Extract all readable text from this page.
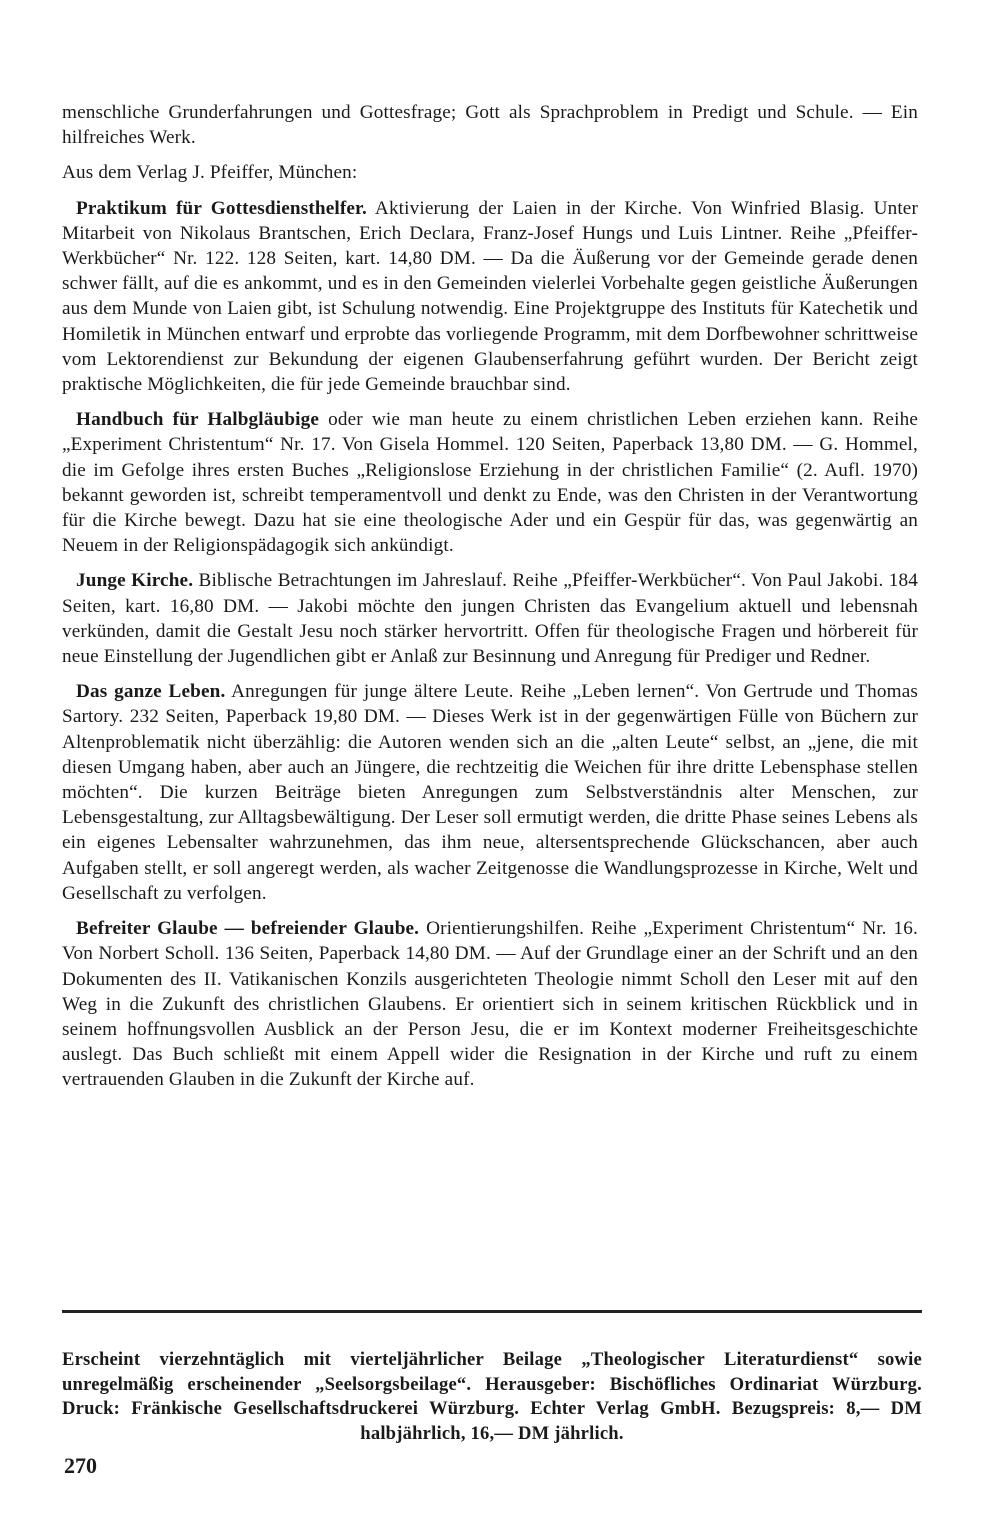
menschliche Grunderfahrungen und Gottesfrage; Gott als Sprachproblem in Predigt und Schule. — Ein hilfreiches Werk.

Aus dem Verlag J. Pfeiffer, München:

Praktikum für Gottesdiensthelfer. Aktivierung der Laien in der Kirche. Von Winfried Blasig. Unter Mitarbeit von Nikolaus Brantschen, Erich Declara, Franz-Josef Hungs und Luis Lintner. Reihe „Pfeiffer-Werkbücher“ Nr. 122. 128 Seiten, kart. 14,80 DM. — Da die Äußerung vor der Gemeinde gerade denen schwer fällt, auf die es ankommt, und es in den Gemeinden vielerlei Vorbehalte gegen geistliche Äußerungen aus dem Munde von Laien gibt, ist Schulung notwendig. Eine Projektgruppe des Instituts für Katechetik und Homiletik in München entwarf und erprobte das vorliegende Programm, mit dem Dorfbewohner schrittweise vom Lektorendienst zur Bekundung der eigenen Glaubenserfahrung geführt wurden. Der Bericht zeigt praktische Möglichkeiten, die für jede Gemeinde brauchbar sind.

Handbuch für Halbgläubige oder wie man heute zu einem christlichen Leben erziehen kann. Reihe „Experiment Christentum“ Nr. 17. Von Gisela Hommel. 120 Seiten, Paperback 13,80 DM. — G. Hommel, die im Gefolge ihres ersten Buches „Religionslose Erziehung in der christlichen Familie“ (2. Aufl. 1970) bekannt geworden ist, schreibt temperamentvoll und denkt zu Ende, was den Christen in der Verantwortung für die Kirche bewegt. Dazu hat sie eine theologische Ader und ein Gespür für das, was gegenwärtig an Neuem in der Religionspädagogik sich ankündigt.

Junge Kirche. Biblische Betrachtungen im Jahreslauf. Reihe „Pfeiffer-Werkbücher“. Von Paul Jakobi. 184 Seiten, kart. 16,80 DM. — Jakobi möchte den jungen Christen das Evangelium aktuell und lebensnah verkünden, damit die Gestalt Jesu noch stärker hervortritt. Offen für theologische Fragen und hörbereit für neue Einstellung der Jugendlichen gibt er Anlaß zur Besinnung und Anregung für Prediger und Redner.

Das ganze Leben. Anregungen für junge ältere Leute. Reihe „Leben lernen“. Von Gertrude und Thomas Sartory. 232 Seiten, Paperback 19,80 DM. — Dieses Werk ist in der gegenwärtigen Fülle von Büchern zur Altenproblematik nicht überzählig: die Autoren wenden sich an die „alten Leute“ selbst, an „jene, die mit diesen Umgang haben, aber auch an Jüngere, die rechtzeitig die Weichen für ihre dritte Lebensphase stellen möchten“. Die kurzen Beiträge bieten Anregungen zum Selbstverständnis alter Menschen, zur Lebensgestaltung, zur Alltagsbewältigung. Der Leser soll ermutigt werden, die dritte Phase seines Lebens als ein eigenes Lebensalter wahrzunehmen, das ihm neue, altersentsprechende Glückschancen, aber auch Aufgaben stellt, er soll angeregt werden, als wacher Zeitgenosse die Wandlungsprozesse in Kirche, Welt und Gesellschaft zu verfolgen.

Befreiter Glaube — befreiender Glaube. Orientierungshilfen. Reihe „Experiment Christentum“ Nr. 16. Von Norbert Scholl. 136 Seiten, Paperback 14,80 DM. — Auf der Grundlage einer an der Schrift und an den Dokumenten des II. Vatikanischen Konzils ausgerichteten Theologie nimmt Scholl den Leser mit auf den Weg in die Zukunft des christlichen Glaubens. Er orientiert sich in seinem kritischen Rückblick und in seinem hoffnungsvollen Ausblick an der Person Jesu, die er im Kontext moderner Freiheitsgeschichte auslegt. Das Buch schließt mit einem Appell wider die Resignation in der Kirche und ruft zu einem vertrauenden Glauben in die Zukunft der Kirche auf.

Erscheint vierzehntäglich mit vierteljährlicher Beilage „Theologischer Literaturdienst“ sowie unregelmäßig erscheinender „Seelsorgsbeilage“. Herausgeber: Bischöfliches Ordinariat Würzburg. Druck: Fränkische Gesellschaftsdruckerei Würzburg. Echter Verlag GmbH. Bezugspreis: 8,— DM halbjährlich, 16,— DM jährlich.

270
